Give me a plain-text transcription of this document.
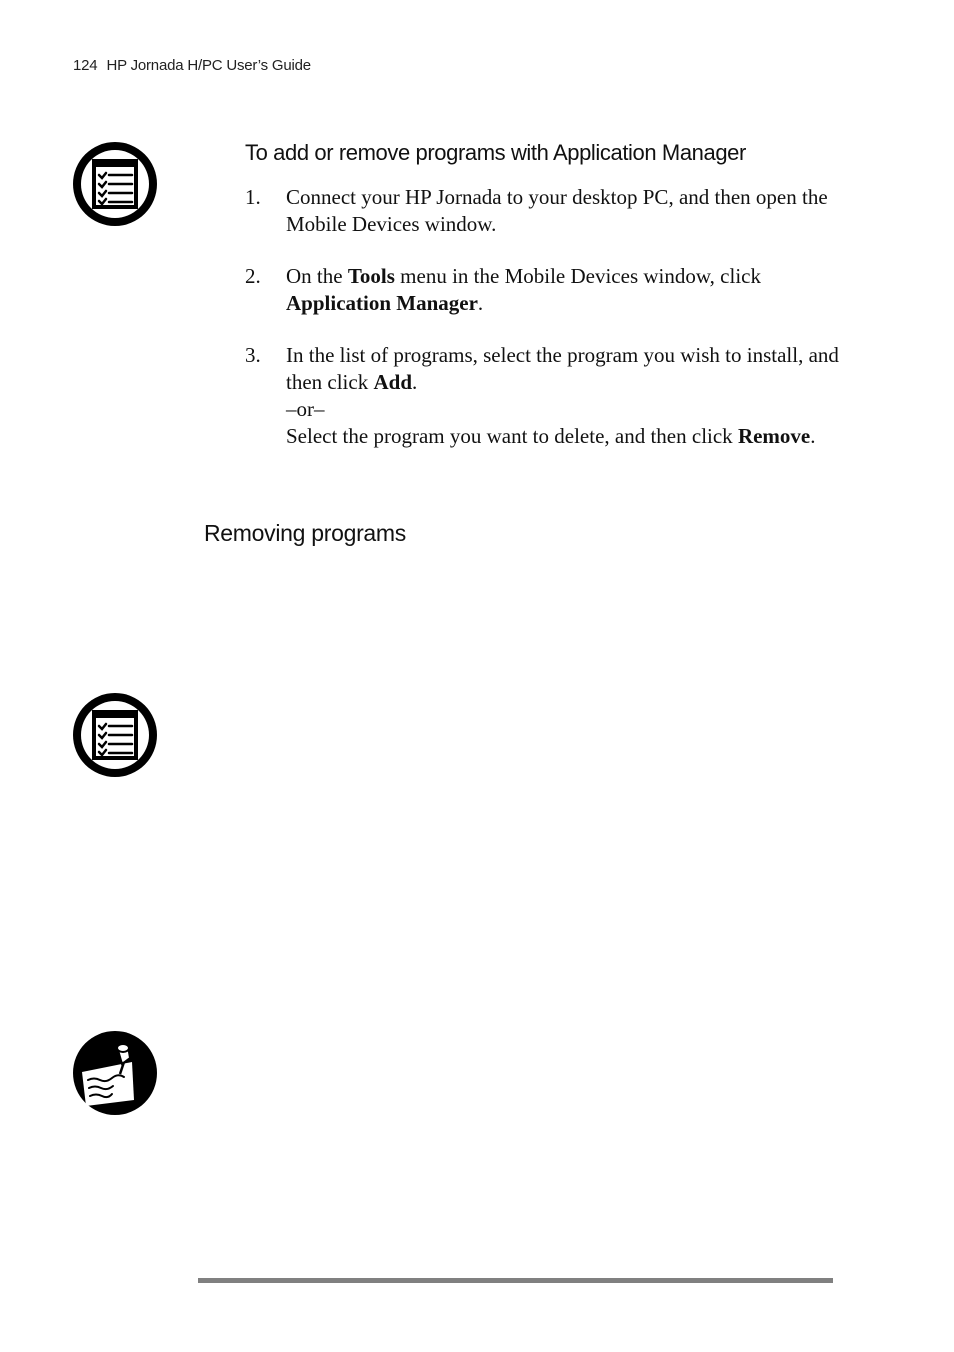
124 HP Jornada H/PC User’s Guide
To add or remove programs with Application Manager
1. Connect your HP Jornada to your desktop PC, and then open the Mobile Devices window.
2. On the Tools menu in the Mobile Devices window, click Application Manager.
3. In the list of programs, select the program you wish to install, and then click Add.
–or–
Select the program you want to delete, and then click Remove.
Removing programs
